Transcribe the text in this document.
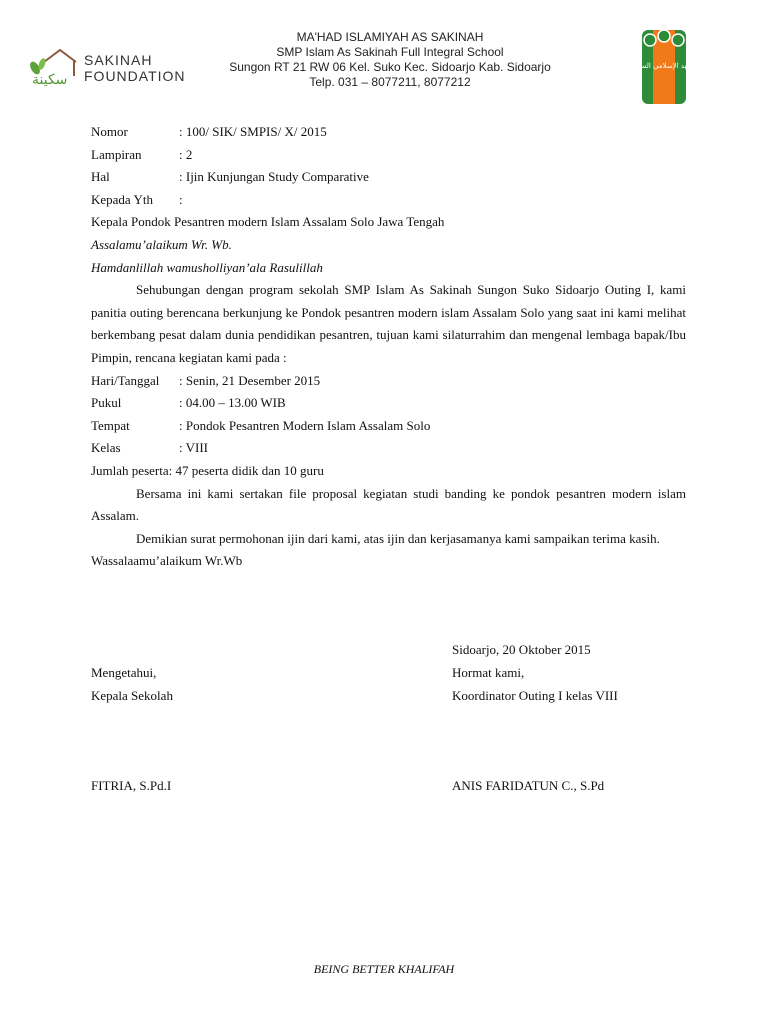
سكينة
SAKINAH
FOUNDATION
MA'HAD ISLAMIYAH AS SAKINAH
SMP Islam As Sakinah Full Integral School
Sungon RT 21 RW 06 Kel. Suko Kec. Sidoarjo Kab. Sidoarjo
Telp. 031 – 8077211, 8077212
المعهد الإسلامي السكينة
Nomor	: 100/ SIK/ SMPIS/ X/ 2015
Lampiran	: 2
Hal	: Ijin Kunjungan Study Comparative
Kepada Yth :
Kepala Pondok Pesantren modern Islam Assalam Solo Jawa Tengah
Assalamu’alaikum Wr. Wb.
Hamdanlillah wamusholliyan’ala Rasulillah
Sehubungan dengan program sekolah SMP Islam As Sakinah Sungon Suko Sidoarjo Outing I, kami panitia outing berencana berkunjung ke Pondok pesantren modern islam Assalam Solo yang saat ini kami melihat berkembang pesat dalam dunia pendidikan pesantren, tujuan kami silaturrahim dan mengenal lembaga bapak/Ibu Pimpin, rencana kegiatan kami pada :
Hari/Tanggal : Senin, 21 Desember 2015
Pukul	: 04.00 – 13.00 WIB
Tempat	: Pondok Pesantren Modern Islam Assalam Solo
Kelas	: VIII
Jumlah peserta: 47 peserta didik dan 10 guru
Bersama ini kami sertakan file proposal kegiatan studi banding ke pondok pesantren modern islam Assalam.
Demikian surat permohonan ijin dari kami, atas ijin dan kerjasamanya kami sampaikan terima kasih.
Wassalaamu’alaikum Wr.Wb
Sidoarjo, 20 Oktober 2015
Mengetahui,	Hormat kami,
Kepala Sekolah	Koordinator Outing I kelas VIII
FITRIA, S.Pd.I	ANIS FARIDATUN C., S.Pd
BEING BETTER KHALIFAH
